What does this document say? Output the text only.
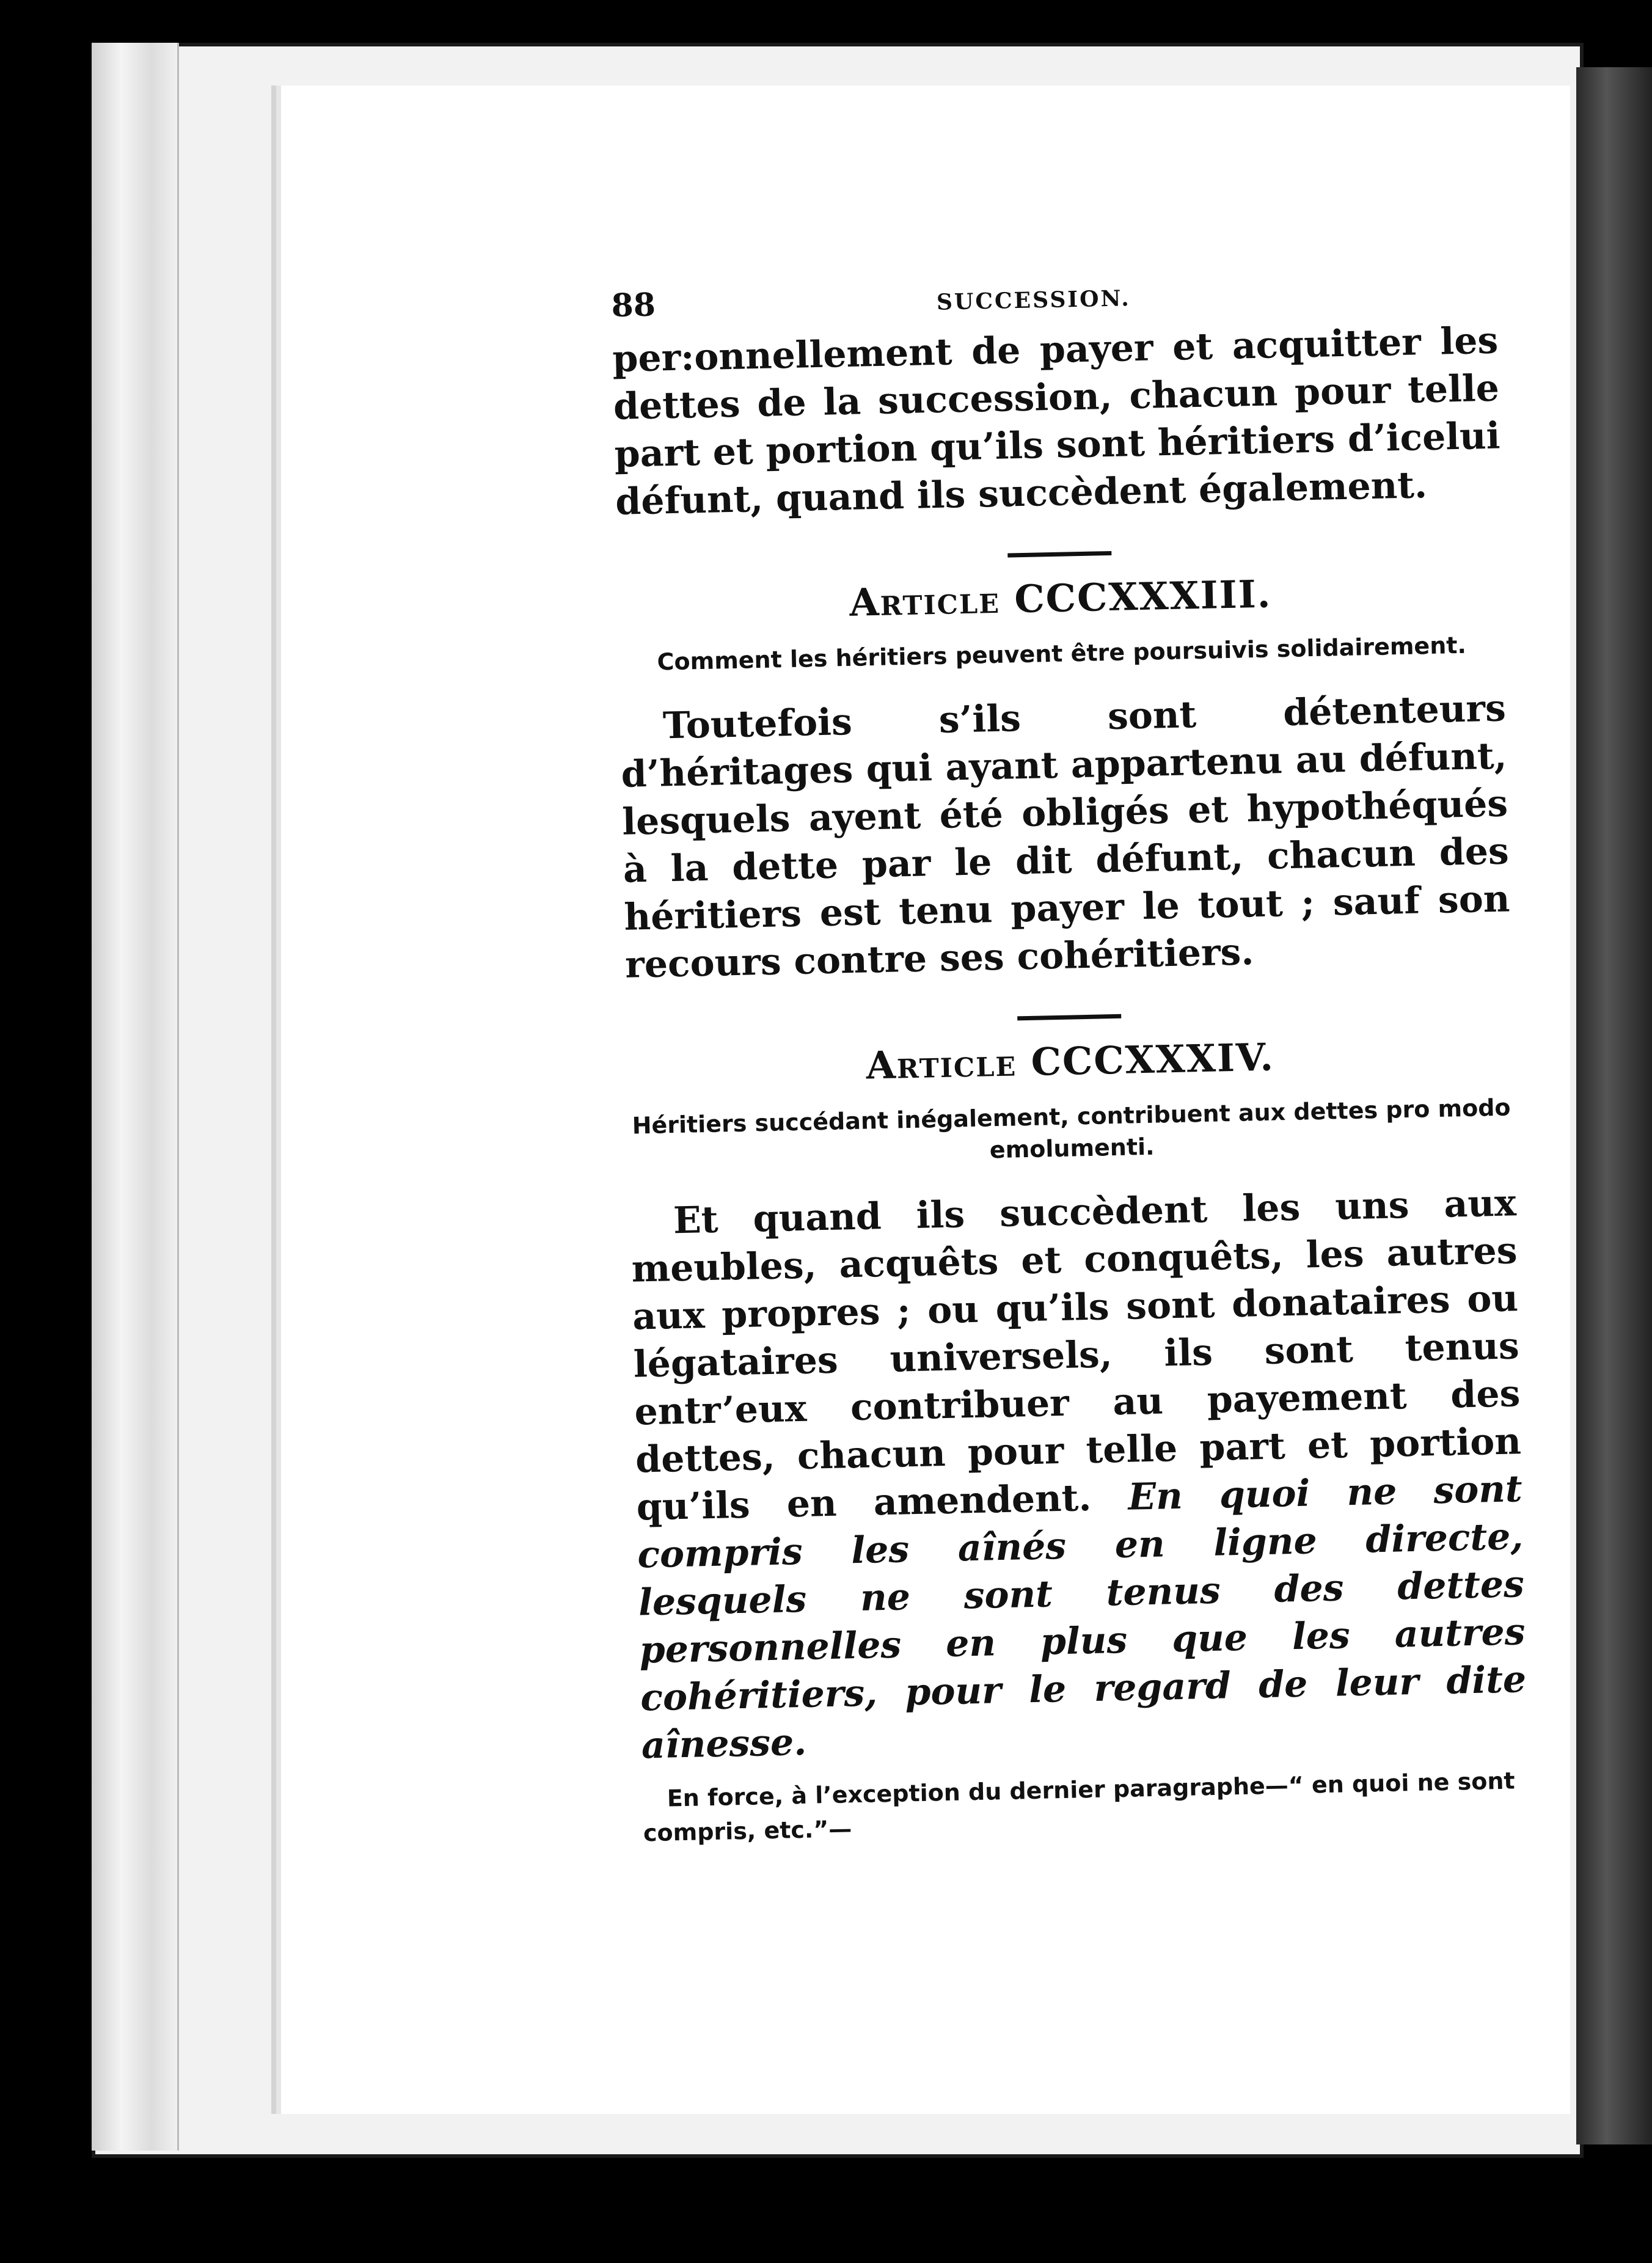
88	SUCCESSION.

per:onnellement de payer et acquitter les dettes de la succession, chacun pour telle part et portion qu’ils sont héritiers d’icelui défunt, quand ils succèdent également.

Article CCCXXXIII.

Comment les héritiers peuvent être poursuivis solidairement.

Toutefois s’ils sont détenteurs d’héritages qui ayant appartenu au défunt, lesquels ayent été obligés et hypothéqués à la dette par le dit défunt, chacun des héritiers est tenu payer le tout ; sauf son recours contre ses cohéritiers.

Article CCCXXXIV.

Héritiers succédant inégalement, contribuent aux dettes pro modo emolumenti.

Et quand ils succèdent les uns aux meubles, acquêts et conquêts, les autres aux propres ; ou qu’ils sont donataires ou légataires universels, ils sont tenus entr’eux contribuer au payement des dettes, chacun pour telle part et portion qu’ils en amendent. En quoi ne sont compris les aînés en ligne directe, lesquels ne sont tenus des dettes personnelles en plus que les autres cohéritiers, pour le regard de leur dite aînesse.

En force, à l’exception du dernier paragraphe—“ en quoi ne sont compris, etc.”—
